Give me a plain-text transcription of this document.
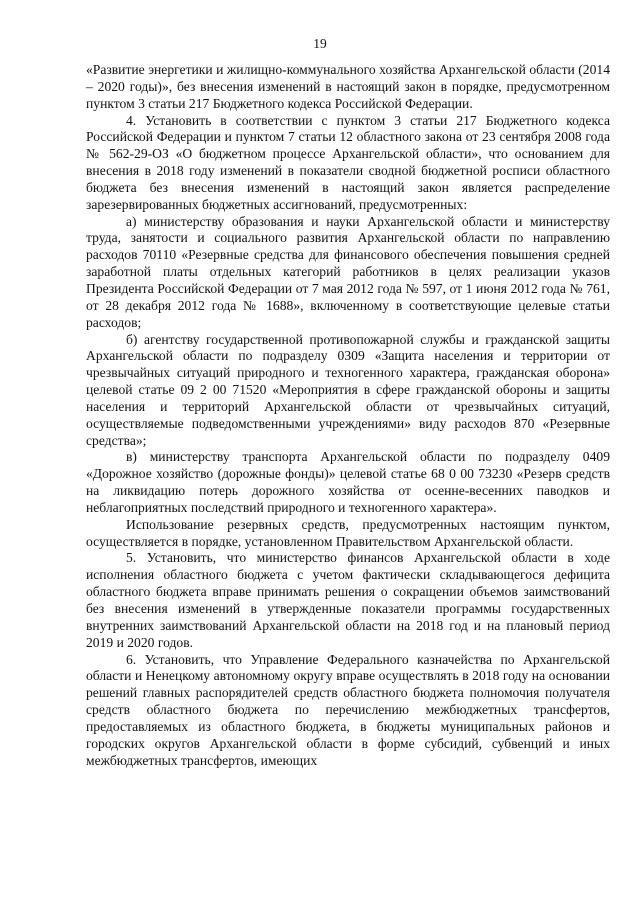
19

«Развитие энергетики и жилищно-коммунального хозяйства Архангельской области (2014 – 2020 годы)», без внесения изменений в настоящий закон в порядке, предусмотренном пунктом 3 статьи 217 Бюджетного кодекса Российской Федерации.

4. Установить в соответствии с пунктом 3 статьи 217 Бюджетного кодекса Российской Федерации и пунктом 7 статьи 12 областного закона от 23 сентября 2008 года № 562-29-ОЗ «О бюджетном процессе Архангельской области», что основанием для внесения в 2018 году изменений в показатели сводной бюджетной росписи областного бюджета без внесения изменений в настоящий закон является распределение зарезервированных бюджетных ассигнований, предусмотренных:

а) министерству образования и науки Архангельской области и министерству труда, занятости и социального развития Архангельской области по направлению расходов 70110 «Резервные средства для финансового обеспечения повышения средней заработной платы отдельных категорий работников в целях реализации указов Президента Российской Федерации от 7 мая 2012 года № 597, от 1 июня 2012 года № 761, от 28 декабря 2012 года № 1688», включенному в соответствующие целевые статьи расходов;

б) агентству государственной противопожарной службы и гражданской защиты Архангельской области по подразделу 0309 «Защита населения и территории от чрезвычайных ситуаций природного и техногенного характера, гражданская оборона» целевой статье 09 2 00 71520 «Мероприятия в сфере гражданской обороны и защиты населения и территорий Архангельской области от чрезвычайных ситуаций, осуществляемые подведомственными учреждениями» виду расходов 870 «Резервные средства»;

в) министерству транспорта Архангельской области по подразделу 0409 «Дорожное хозяйство (дорожные фонды)» целевой статье 68 0 00 73230 «Резерв средств на ликвидацию потерь дорожного хозяйства от осенне-весенних паводков и неблагоприятных последствий природного и техногенного характера».

Использование резервных средств, предусмотренных настоящим пунктом, осуществляется в порядке, установленном Правительством Архангельской области.

5. Установить, что министерство финансов Архангельской области в ходе исполнения областного бюджета с учетом фактически складывающегося дефицита областного бюджета вправе принимать решения о сокращении объемов заимствований без внесения изменений в утвержденные показатели программы государственных внутренних заимствований Архангельской области на 2018 год и на плановый период 2019 и 2020 годов.

6. Установить, что Управление Федерального казначейства по Архангельской области и Ненецкому автономному округу вправе осуществлять в 2018 году на основании решений главных распорядителей средств областного бюджета полномочия получателя средств областного бюджета по перечислению межбюджетных трансфертов, предоставляемых из областного бюджета, в бюджеты муниципальных районов и городских округов Архангельской области в форме субсидий, субвенций и иных межбюджетных трансфертов, имеющих
